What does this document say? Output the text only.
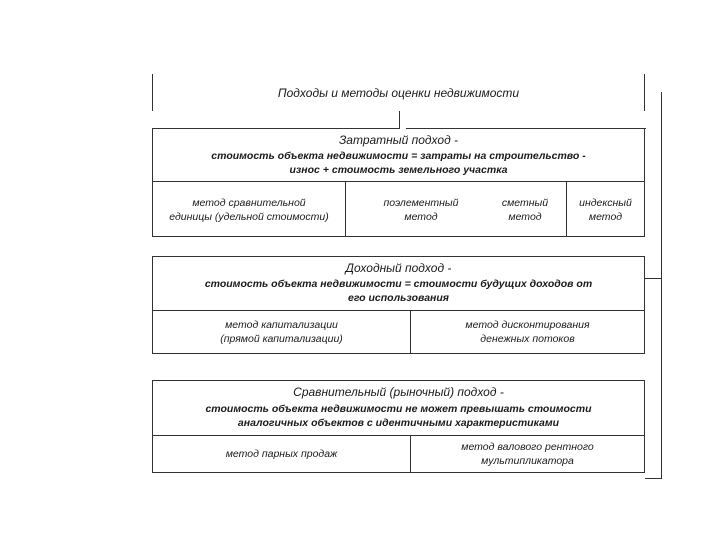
Подходы и методы оценки недвижимости
Затратный подход -
стоимость объекта недвижимости = затраты на строительство -
износ + стоимость земельного участка
метод сравнительной
единицы (удельной стоимости)
поэлементный
метод
сметный
метод
индексный
метод
Доходный подход -
стоимость объекта недвижимости = стоимости будущих доходов от
его использования
метод капитализации
(прямой капитализации)
метод дисконтирования
денежных потоков
Сравнительный (рыночный) подход -
стоимость объекта недвижимости не может превышать стоимости
аналогичных объектов с идентичными характеристиками
метод парных продаж
метод валового рентного
мультипликатора
